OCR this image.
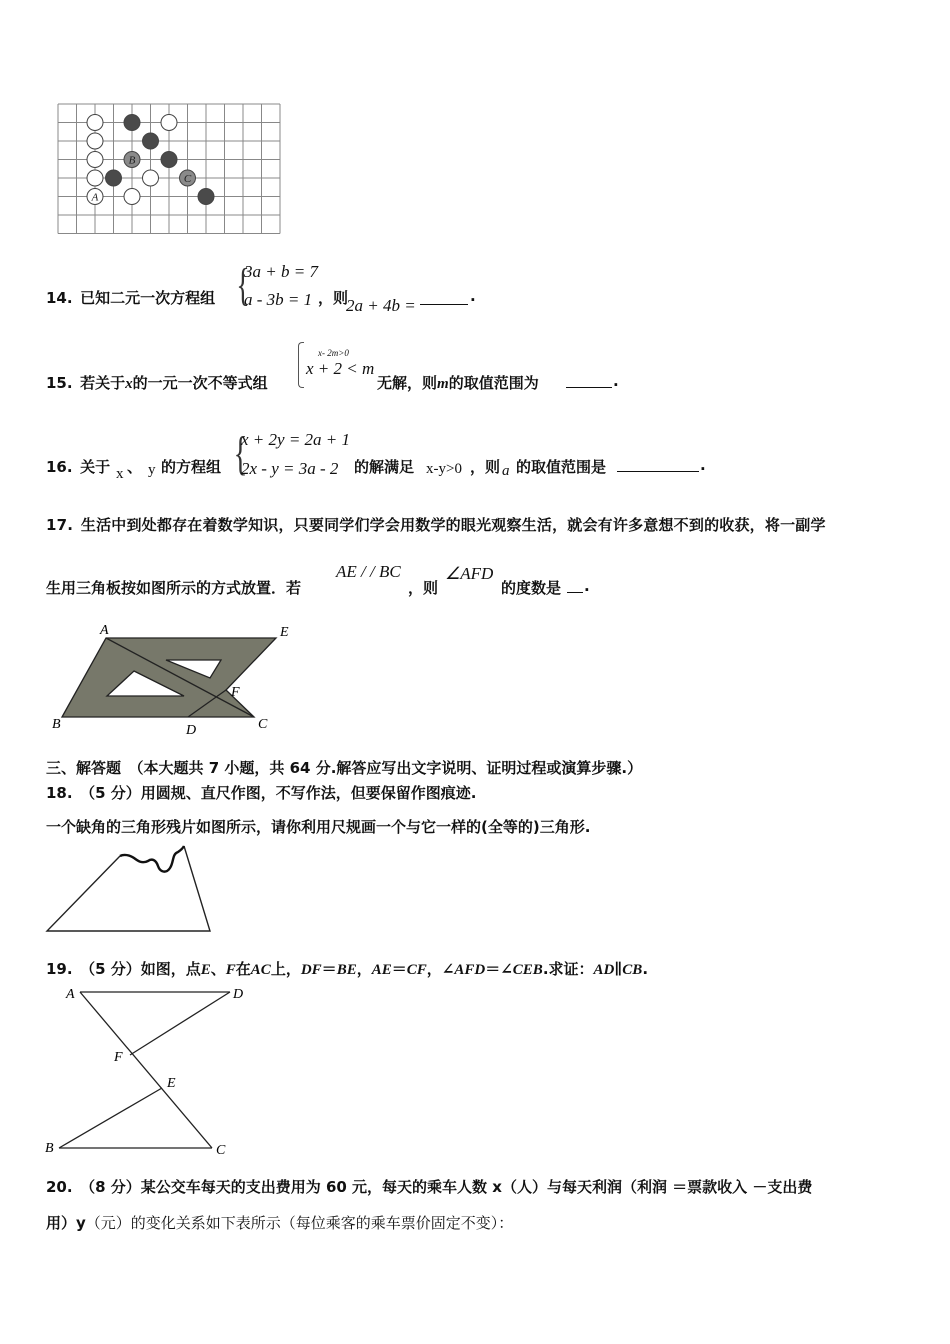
B
C
A
14. 已知二元一次方程组 {
3a + b = 7
a - 3b = 1 ，则
2a + 4b =	.
15. 若关于x的一元一次不等式组
x- 2m>0
x + 2 < m
无解，则m的取值范围为	.
16. 关于 x 、 y 的方程组 {
x + 2y = 2a + 1
2x - y = 3a - 2 的解满足 x-y>0 ，则 a 的取值范围是	.
17. 生活中到处都存在着数学知识，只要同学们学会用数学的眼光观察生活，就会有许多意想不到的收获，将一副学
生用三角板按如图所示的方式放置．若
AE / / BC
，则
∠AFD
的度数是 .
A	E
F
B	D	C
三、解答题 （本大题共 7 小题，共 64 分.解答应写出文字说明、证明过程或演算步骤.）
18. （5 分）用圆规、直尺作图，不写作法，但要保留作图痕迹.
一个缺角的三角形残片如图所示，请你利用尺规画一个与它一样的(全等的)三角形.
19. （5 分）如图，点E、F在AC上，DF＝BE，AE＝CF，∠AFD＝∠CEB.求证：AD∥CB.
A	D
F
E
B	C
20. （8 分）某公交车每天的支出费用为 60 元，每天的乘车人数 x（人）与每天利润（利润 ＝票款收入 －支出费
用）y（元）的变化关系如下表所示（每位乘客的乘车票价固定不变）：
